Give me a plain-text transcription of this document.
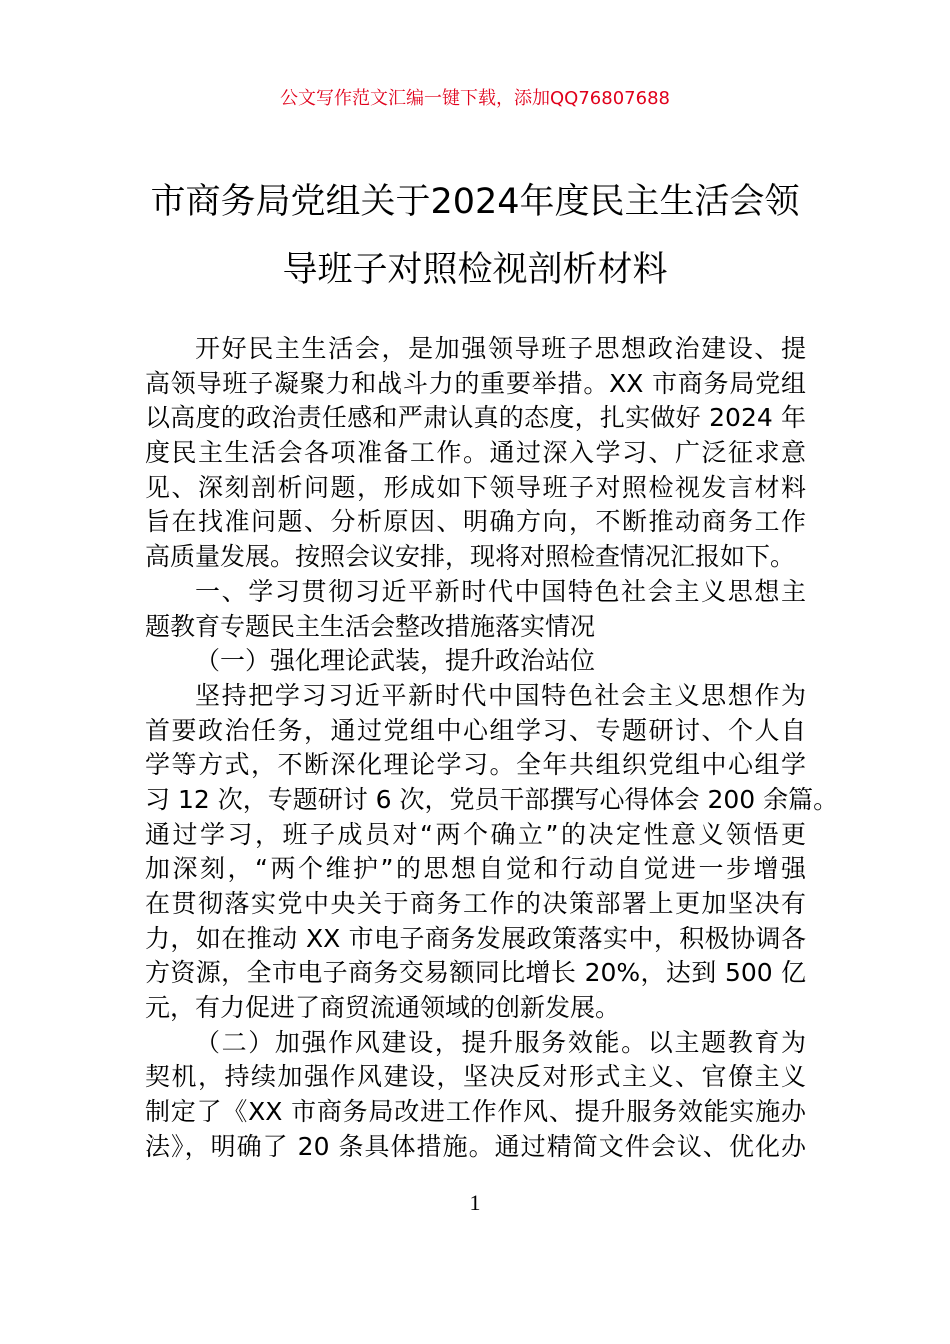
公文写作范文汇编一键下载，添加QQ76807688
市商务局党组关于2024年度民主生活会领
导班子对照检视剖析材料
开好民主生活会，是加强领导班子思想政治建设、提
高领导班子凝聚力和战斗力的重要举措。XX 市商务局党组
以高度的政治责任感和严肃认真的态度，扎实做好 2024 年
度民主生活会各项准备工作。通过深入学习、广泛征求意
见、深刻剖析问题，形成如下领导班子对照检视发言材料
旨在找准问题、分析原因、明确方向，不断推动商务工作
高质量发展。按照会议安排，现将对照检查情况汇报如下。
一、学习贯彻习近平新时代中国特色社会主义思想主
题教育专题民主生活会整改措施落实情况
（一）强化理论武装，提升政治站位
坚持把学习习近平新时代中国特色社会主义思想作为
首要政治任务，通过党组中心组学习、专题研讨、个人自
学等方式，不断深化理论学习。全年共组织党组中心组学
习 12 次，专题研讨 6 次，党员干部撰写心得体会 200 余篇。
通过学习，班子成员对“两个确立”的决定性意义领悟更
加深刻，“两个维护”的思想自觉和行动自觉进一步增强
在贯彻落实党中央关于商务工作的决策部署上更加坚决有
力，如在推动 XX 市电子商务发展政策落实中，积极协调各
方资源，全市电子商务交易额同比增长 20%，达到 500 亿
元，有力促进了商贸流通领域的创新发展。
（二）加强作风建设，提升服务效能。以主题教育为
契机，持续加强作风建设，坚决反对形式主义、官僚主义
制定了《XX 市商务局改进工作作风、提升服务效能实施办
法》，明确了 20 条具体措施。通过精简文件会议、优化办
1
